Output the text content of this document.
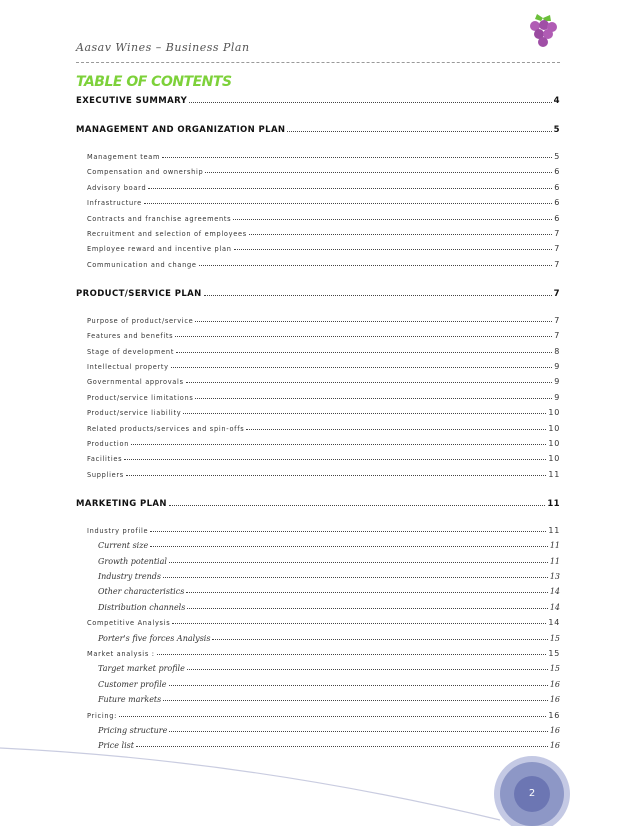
Aasav Wines – Business Plan
TABLE OF CONTENTS
EXECUTIVE SUMMARY	4
MANAGEMENT AND ORGANIZATION PLAN	5
Management team	5
Compensation and ownership	6
Advisory board	6
Infrastructure	6
Contracts and franchise agreements	6
Recruitment and selection of employees	7
Employee reward and incentive plan	7
Communication and change	7
PRODUCT/SERVICE PLAN	7
Purpose of product/service	7
Features and benefits	7
Stage of development	8
Intellectual property	9
Governmental approvals	9
Product/service limitations	9
Product/service liability	10
Related products/services and spin-offs	10
Production	10
Facilities	10
Suppliers	11
MARKETING PLAN	11
Industry profile	11
Current size	11
Growth potential	11
Industry trends	13
Other characteristics	14
Distribution channels	14
Competitive Analysis	14
Porter's five forces Analysis	15
Market analysis :	15
Target market profile	15
Customer profile	16
Future markets	16
Pricing:	16
Pricing structure	16
Price list	16
2
